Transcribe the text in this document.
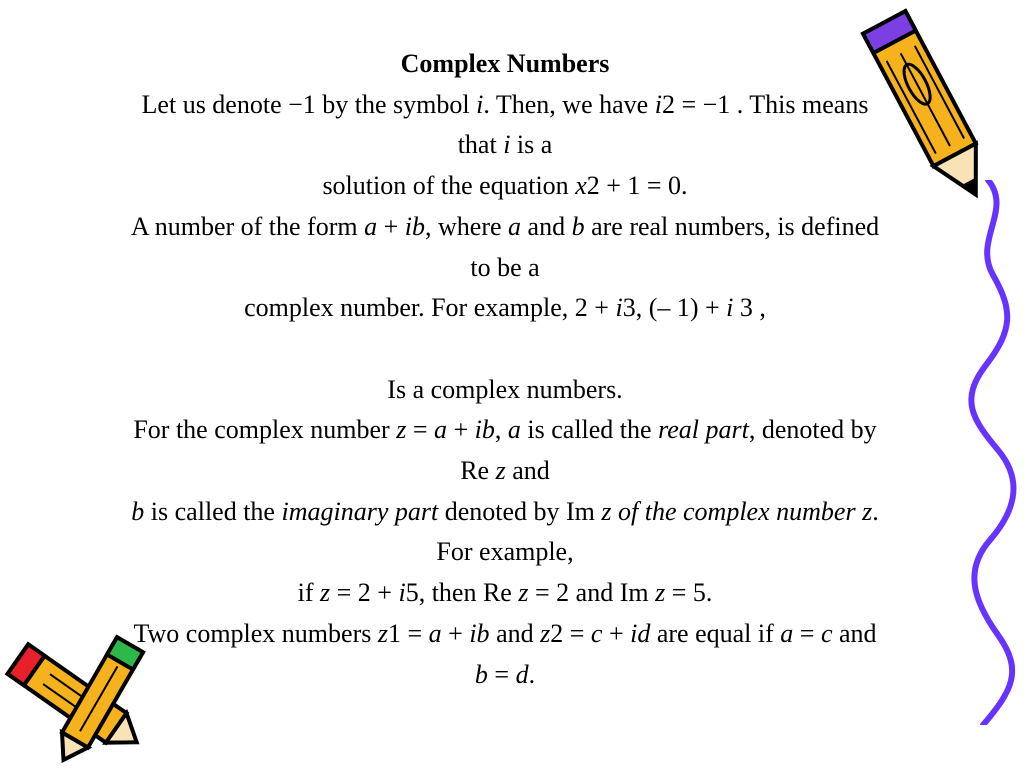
Complex Numbers
Let us denote −1 by the symbol i. Then, we have i2 = −1 . This means
that i is a
solution of the equation x2 + 1 = 0.
A number of the form a + ib, where a and b are real numbers, is defined
to be a
complex number. For example, 2 + i3, (– 1) + i 3 ,
Is a complex numbers.
For the complex number z = a + ib, a is called the real part, denoted by
Re z and
b is called the imaginary part denoted by Im z of the complex number z.
For example,
if z = 2 + i5, then Re z = 2 and Im z = 5.
Two complex numbers z1 = a + ib and z2 = c + id are equal if a = c and
b = d.
